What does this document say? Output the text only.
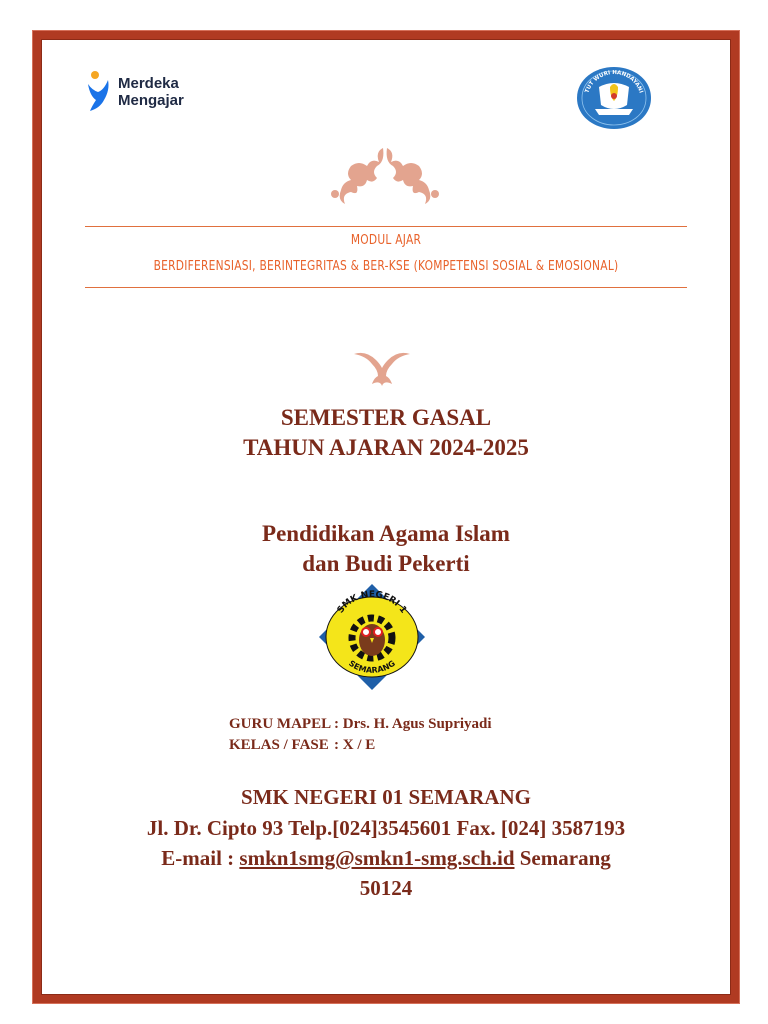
Merdeka
Mengajar
TUT WURI HANDAYANI
MODUL AJAR
BERDIFERENSIASI, BERINTEGRITAS & BER-KSE (KOMPETENSI SOSIAL & EMOSIONAL)
SEMESTER GASAL
TAHUN AJARAN 2024-2025
Pendidikan Agama Islam
dan Budi Pekerti
SMK NEGERI 1
SEMARANG
GURU MAPEL : Drs. H. Agus Supriyadi
KELAS / FASE : X / E
SMK NEGERI 01 SEMARANG
Jl. Dr. Cipto 93 Telp.[024]3545601 Fax. [024] 3587193
E-mail : smkn1smg@smkn1-smg.sch.id Semarang
50124
